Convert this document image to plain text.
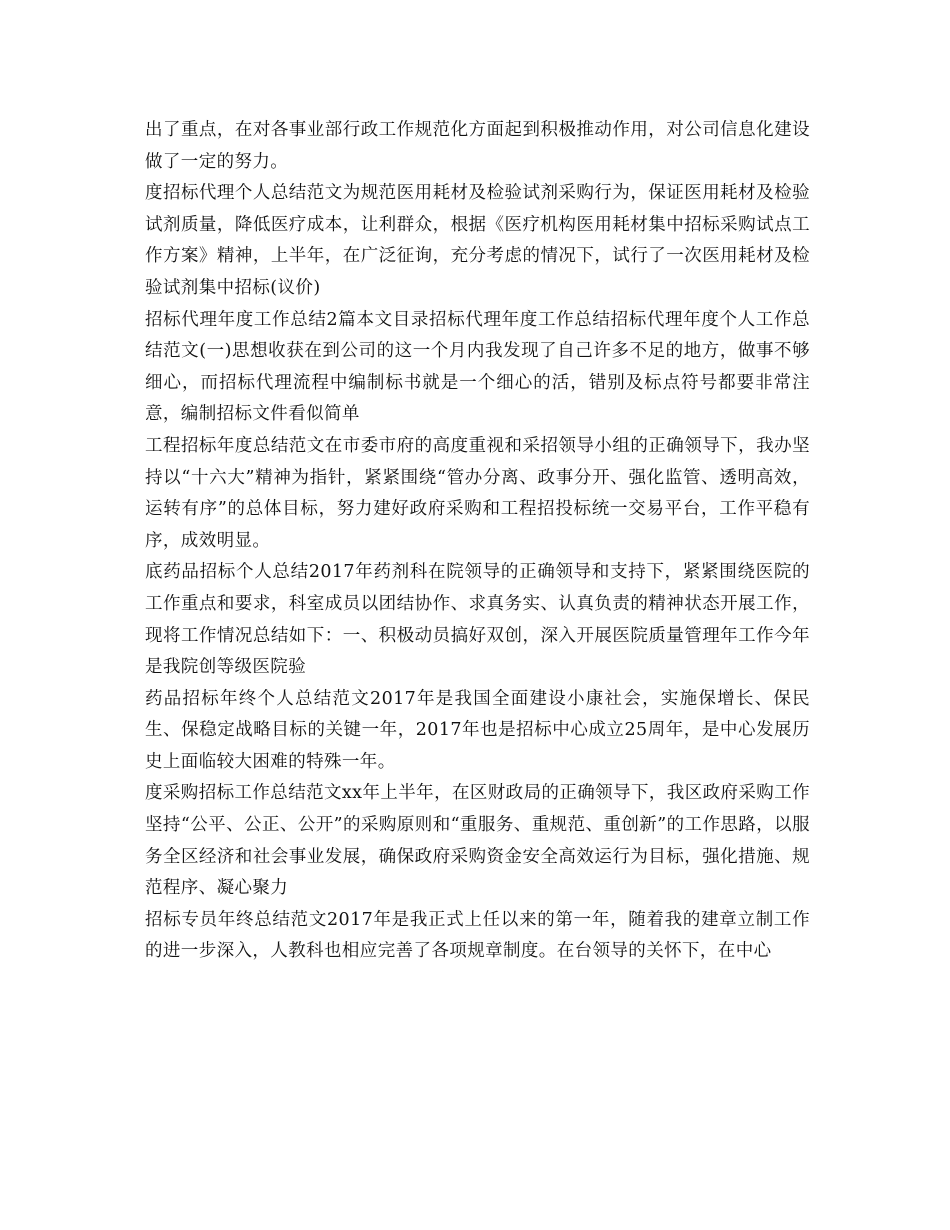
出了重点，在对各事业部行政工作规范化方面起到积极推动作用，对公司信息化建设做了一定的努力。

度招标代理个人总结范文为规范医用耗材及检验试剂采购行为，保证医用耗材及检验试剂质量，降低医疗成本，让利群众，根据《医疗机构医用耗材集中招标采购试点工作方案》精神，上半年，在广泛征询，充分考虑的情况下，试行了一次医用耗材及检验试剂集中招标(议价)

招标代理年度工作总结2篇本文目录招标代理年度工作总结招标代理年度个人工作总结范文(一)思想收获在到公司的这一个月内我发现了自己许多不足的地方，做事不够细心，而招标代理流程中编制标书就是一个细心的活，错别及标点符号都要非常注意，编制招标文件看似简单

工程招标年度总结范文在市委市府的高度重视和采招领导小组的正确领导下，我办坚持以“十六大”精神为指针，紧紧围绕“管办分离、政事分开、强化监管、透明高效，运转有序”的总体目标，努力建好政府采购和工程招投标统一交易平台，工作平稳有序，成效明显。

底药品招标个人总结2017年药剂科在院领导的正确领导和支持下，紧紧围绕医院的工作重点和要求，科室成员以团结协作、求真务实、认真负责的精神状态开展工作，现将工作情况总结如下：一、积极动员搞好双创，深入开展医院质量管理年工作今年是我院创等级医院验

药品招标年终个人总结范文2017年是我国全面建设小康社会，实施保增长、保民生、保稳定战略目标的关键一年，2017年也是招标中心成立25周年，是中心发展历史上面临较大困难的特殊一年。

度采购招标工作总结范文xx年上半年，在区财政局的正确领导下，我区政府采购工作坚持“公平、公正、公开”的采购原则和“重服务、重规范、重创新”的工作思路，以服务全区经济和社会事业发展，确保政府采购资金安全高效运行为目标，强化措施、规范程序、凝心聚力

招标专员年终总结范文2017年是我正式上任以来的第一年，随着我的建章立制工作的进一步深入，人教科也相应完善了各项规章制度。在台领导的关怀下，在中心
